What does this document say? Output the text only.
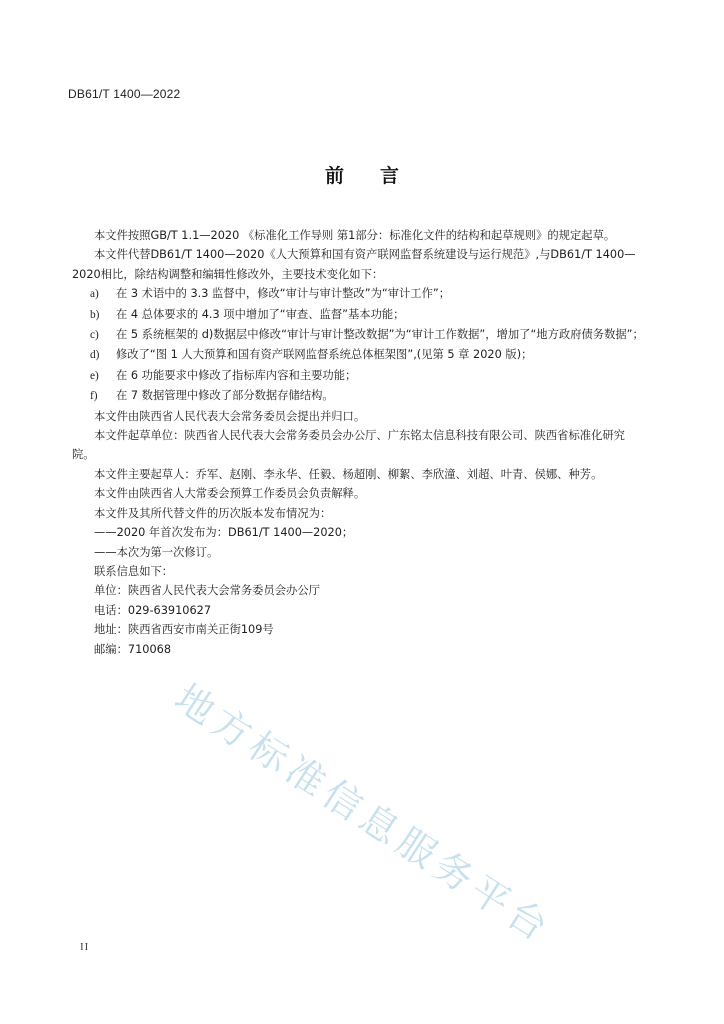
DB61/T 1400—2022
前言

本文件按照GB/T 1.1—2020 《标准化工作导则 第1部分：标准化文件的结构和起草规则》的规定起草。

本文件代替DB61/T 1400—2020《人大预算和国有资产联网监督系统建设与运行规范》,与DB61/T 1400—2020相比，除结构调整和编辑性修改外，主要技术变化如下：

a) 在 3 术语中的 3.3 监督中，修改“审计与审计整改”为“审计工作”；

b) 在 4 总体要求的 4.3 项中增加了“审查、监督”基本功能；

c) 在 5 系统框架的 d)数据层中修改“审计与审计整改数据”为“审计工作数据”，增加了“地方政府债务数据”；

d) 修改了“图 1 人大预算和国有资产联网监督系统总体框架图”,(见第 5 章 2020 版)；

e) 在 6 功能要求中修改了指标库内容和主要功能；

f) 在 7 数据管理中修改了部分数据存储结构。

本文件由陕西省人民代表大会常务委员会提出并归口。

本文件起草单位：陕西省人民代表大会常务委员会办公厅、广东铭太信息科技有限公司、陕西省标准化研究院。

本文件主要起草人：乔军、赵刚、李永华、任毅、杨超刚、柳絮、李欣潼、刘超、叶青、侯娜、种芳。

本文件由陕西省人大常委会预算工作委员会负责解释。

本文件及其所代替文件的历次版本发布情况为：

——2020 年首次发布为：DB61/T 1400—2020；

——本次为第一次修订。

联系信息如下：

单位：陕西省人民代表大会常务委员会办公厅

电话：029-63910627

地址：陕西省西安市南关正街109号

邮编：710068

地方标准信息服务平台
II
